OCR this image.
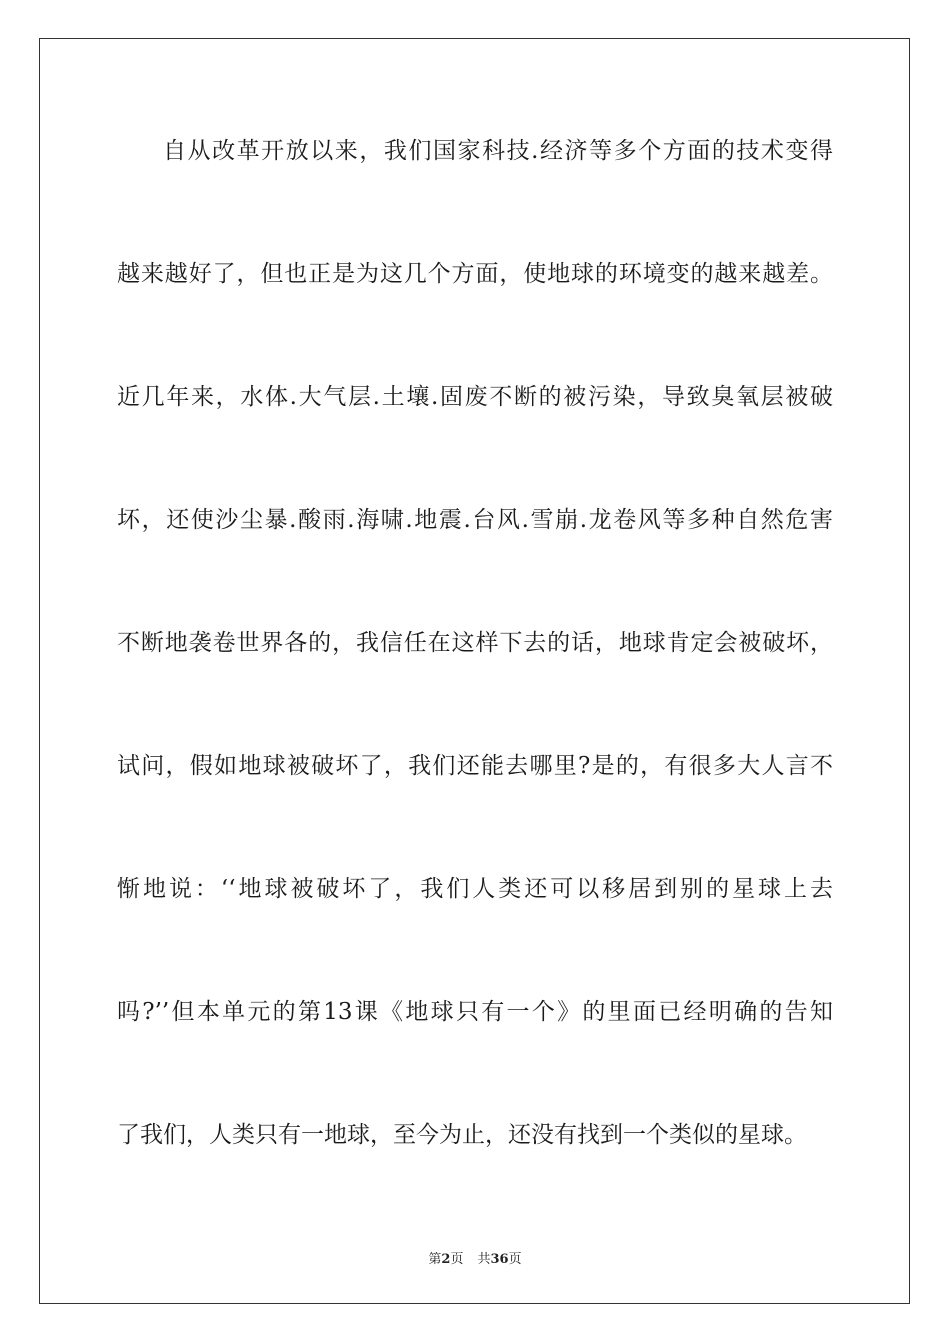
自从改革开放以来，我们国家科技.经济等多个方面的技术变得
越来越好了，但也正是为这几个方面，使地球的环境变的越来越差。
近几年来，水体.大气层.土壤.固废不断的被污染，导致臭氧层被破
坏，还使沙尘暴.酸雨.海啸.地震.台风.雪崩.龙卷风等多种自然危害
不断地袭卷世界各的，我信任在这样下去的话，地球肯定会被破坏，
试问，假如地球被破坏了，我们还能去哪里?是的，有很多大人言不
惭地说：‘‘地球被破坏了，我们人类还可以移居到别的星球上去
吗?’’但本单元的第13课《地球只有一个》的里面已经明确的告知
了我们，人类只有一地球，至今为止，还没有找到一个类似的星球。
第2页 共36页
